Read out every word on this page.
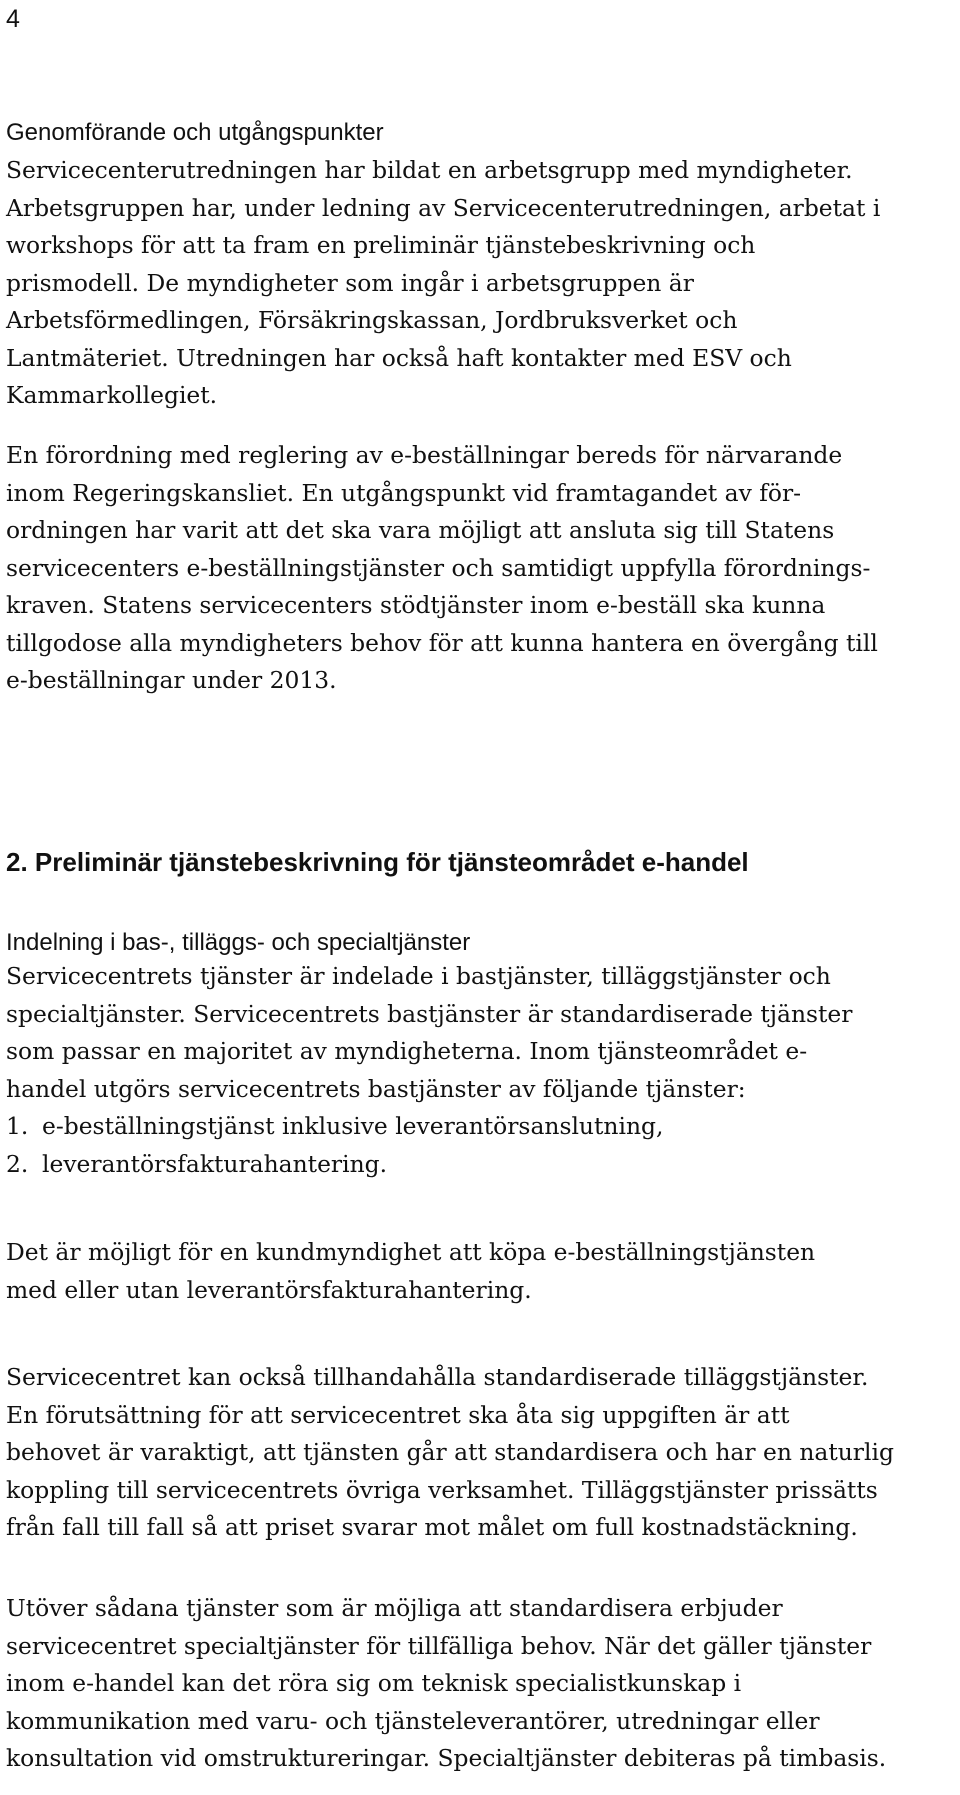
4
Genomförande och utgångspunkter
Servicecenterutredningen har bildat en arbetsgrupp med myndigheter.
Arbetsgruppen har, under ledning av Servicecenterutredningen, arbetat i
workshops för att ta fram en preliminär tjänstebeskrivning och
prismodell. De myndigheter som ingår i arbetsgruppen är
Arbetsförmedlingen, Försäkringskassan, Jordbruksverket och
Lantmäteriet. Utredningen har också haft kontakter med ESV och
Kammarkollegiet.
En förordning med reglering av e-beställningar bereds för närvarande
inom Regeringskansliet. En utgångspunkt vid framtagandet av för-
ordningen har varit att det ska vara möjligt att ansluta sig till Statens
servicecenters e-beställningstjänster och samtidigt uppfylla förordnings-
kraven. Statens servicecenters stödtjänster inom e-beställ ska kunna
tillgodose alla myndigheters behov för att kunna hantera en övergång till
e-beställningar under 2013.
2. Preliminär tjänstebeskrivning för tjänsteområdet e-handel
Indelning i bas-, tilläggs- och specialtjänster
Servicecentrets tjänster är indelade i bastjänster, tilläggstjänster och
specialtjänster. Servicecentrets bastjänster är standardiserade tjänster
som passar en majoritet av myndigheterna. Inom tjänsteområdet e-
handel utgörs servicecentrets bastjänster av följande tjänster:
1. e-beställningstjänst inklusive leverantörsanslutning,
2. leverantörsfakturahantering.
Det är möjligt för en kundmyndighet att köpa e-beställningstjänsten
med eller utan leverantörsfakturahantering.
Servicecentret kan också tillhandahålla standardiserade tilläggstjänster.
En förutsättning för att servicecentret ska åta sig uppgiften är att
behovet är varaktigt, att tjänsten går att standardisera och har en naturlig
koppling till servicecentrets övriga verksamhet. Tilläggstjänster prissätts
från fall till fall så att priset svarar mot målet om full kostnadstäckning.
Utöver sådana tjänster som är möjliga att standardisera erbjuder
servicecentret specialtjänster för tillfälliga behov. När det gäller tjänster
inom e-handel kan det röra sig om teknisk specialistkunskap i
kommunikation med varu- och tjänsteleverantörer, utredningar eller
konsultation vid omstruktureringar. Specialtjänster debiteras på timbasis.
